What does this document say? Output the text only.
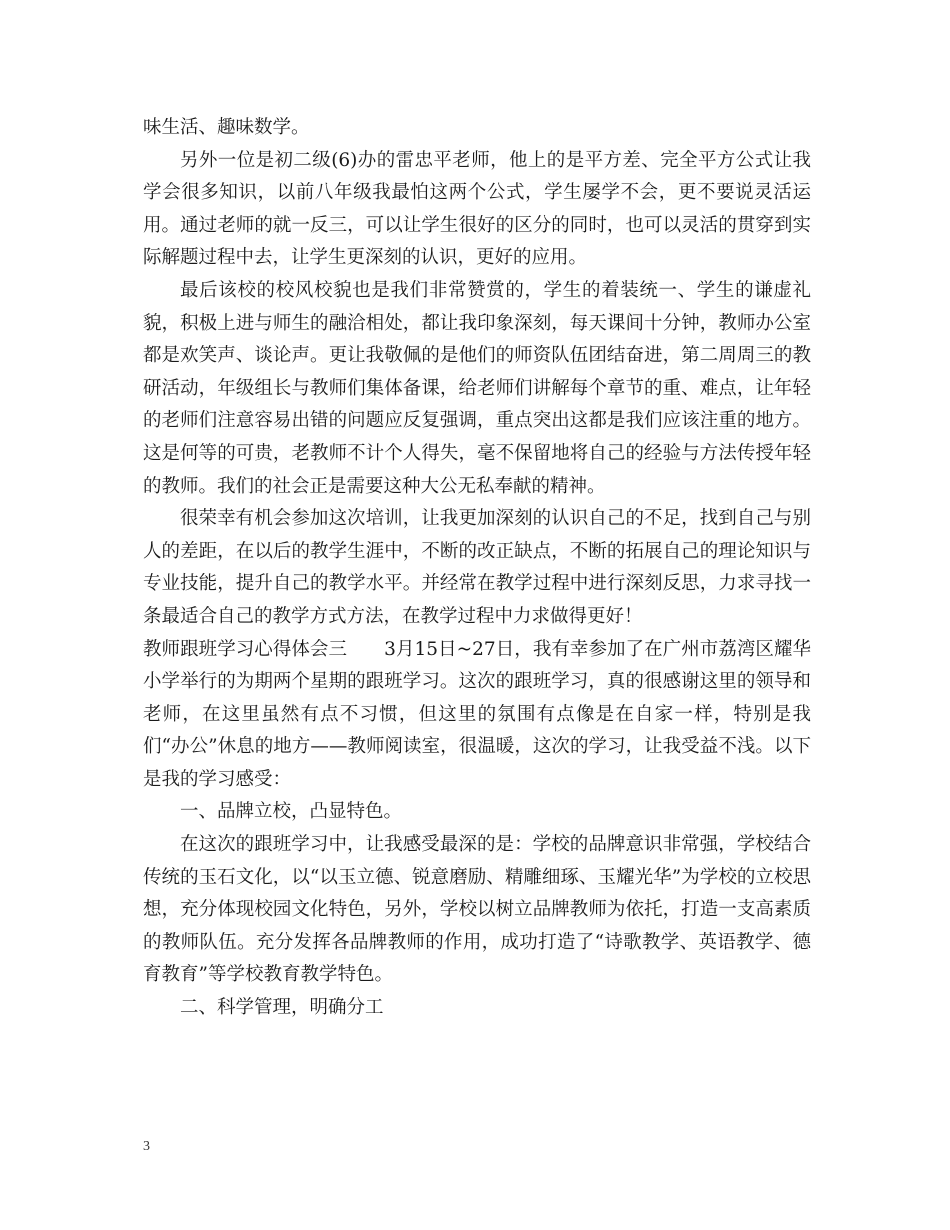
味生活、趣味数学。

另外一位是初二级(6)办的雷忠平老师，他上的是平方差、完全平方公式让我学会很多知识，以前八年级我最怕这两个公式，学生屡学不会，更不要说灵活运用。通过老师的就一反三，可以让学生很好的区分的同时，也可以灵活的贯穿到实际解题过程中去，让学生更深刻的认识，更好的应用。

最后该校的校风校貌也是我们非常赞赏的，学生的着装统一、学生的谦虚礼貌，积极上进与师生的融洽相处，都让我印象深刻，每天课间十分钟，教师办公室都是欢笑声、谈论声。更让我敬佩的是他们的师资队伍团结奋进，第二周周三的教研活动，年级组长与教师们集体备课，给老师们讲解每个章节的重、难点，让年轻的老师们注意容易出错的问题应反复强调，重点突出这都是我们应该注重的地方。这是何等的可贵，老教师不计个人得失，毫不保留地将自己的经验与方法传授年轻的教师。我们的社会正是需要这种大公无私奉献的精神。

很荣幸有机会参加这次培训，让我更加深刻的认识自己的不足，找到自己与别人的差距，在以后的教学生涯中，不断的改正缺点，不断的拓展自己的理论知识与专业技能，提升自己的教学水平。并经常在教学过程中进行深刻反思，力求寻找一条最适合自己的教学方式方法，在教学过程中力求做得更好！

教师跟班学习心得体会三　　3月15日~27日，我有幸参加了在广州市荔湾区耀华小学举行的为期两个星期的跟班学习。这次的跟班学习，真的很感谢这里的领导和老师，在这里虽然有点不习惯，但这里的氛围有点像是在自家一样，特别是我们“办公”休息的地方——教师阅读室，很温暖，这次的学习，让我受益不浅。以下是我的学习感受：

一、品牌立校，凸显特色。

在这次的跟班学习中，让我感受最深的是：学校的品牌意识非常强，学校结合传统的玉石文化，以“以玉立德、锐意磨励、精雕细琢、玉耀光华”为学校的立校思想，充分体现校园文化特色，另外，学校以树立品牌教师为依托，打造一支高素质的教师队伍。充分发挥各品牌教师的作用，成功打造了“诗歌教学、英语教学、德育教育”等学校教育教学特色。

二、科学管理，明确分工

3
